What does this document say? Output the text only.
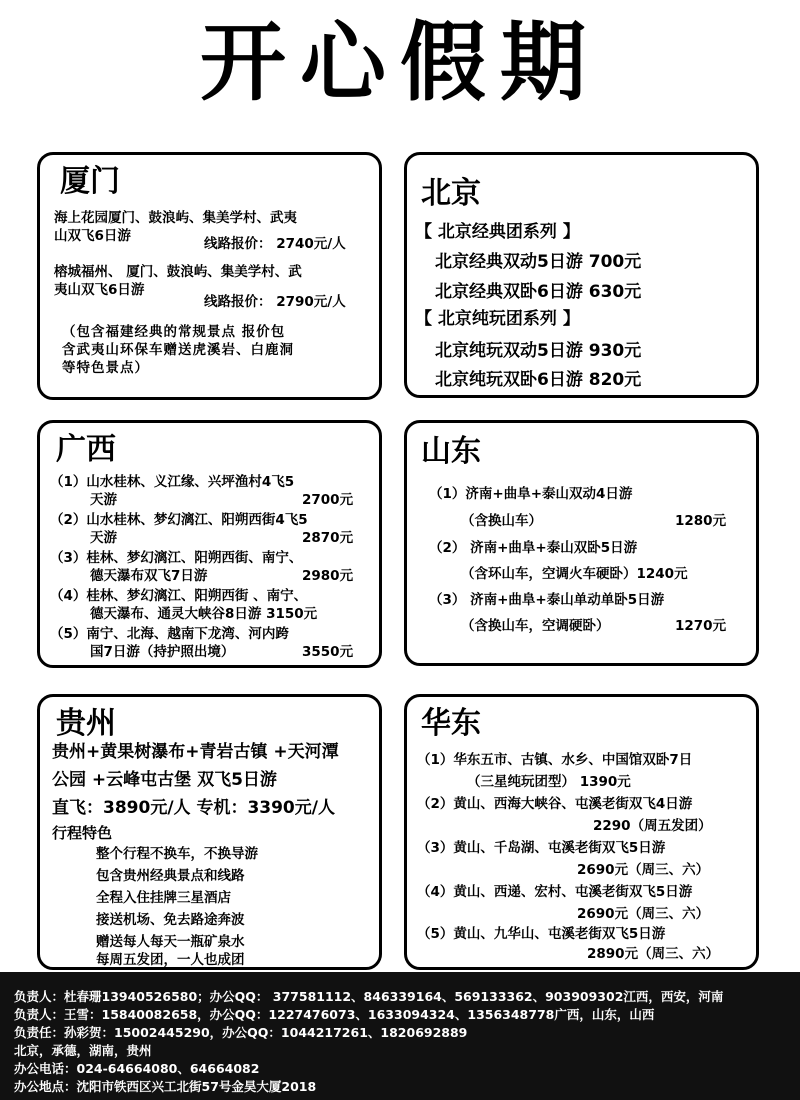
开心假期
厦门
海上花园厦门、鼓浪屿、集美学村、武夷
山双飞6日游	线路报价： 2740元/人
榕城福州、 厦门、鼓浪屿、集美学村、武
夷山双飞6日游
线路报价： 2790元/人
（包含福建经典的常规景点 报价包
含武夷山环保车赠送虎溪岩、白鹿洞
等特色景点）
北京
【 北京经典团系列 】
北京经典双动5日游 700元
北京经典双卧6日游 630元
【 北京纯玩团系列 】
北京纯玩双动5日游 930元
北京纯玩双卧6日游 820元
广西
（1）山水桂林、义江缘、兴坪渔村4飞5
天游	2700元
（2）山水桂林、梦幻漓江、阳朔西街4飞5
天游	2870元
（3）桂林、梦幻漓江、阳朔西街、南宁、
德天瀑布双飞7日游	2980元
（4）桂林、梦幻漓江、阳朔西街 、南宁、
德天瀑布、通灵大峡谷8日游 3150元
（5）南宁、北海、越南下龙湾、河内跨
国7日游（持护照出境）	3550元
山东
（1）济南+曲阜+泰山双动4日游
（含换山车）	1280元
（2） 济南+曲阜+泰山双卧5日游
（含环山车，空调火车硬卧）1240元
（3） 济南+曲阜+泰山单动单卧5日游
（含换山车，空调硬卧）	1270元
贵州
贵州+黄果树瀑布+青岩古镇 +天河潭
公园 +云峰屯古堡 双飞5日游
直飞：3890元/人 专机：3390元/人
行程特色
整个行程不换车，不换导游
包含贵州经典景点和线路
全程入住挂牌三星酒店
接送机场、免去路途奔波
赠送每人每天一瓶矿泉水
每周五发团，一人也成团
华东
（1）华东五市、古镇、水乡、中国馆双卧7日
（三星纯玩团型） 1390元
（2）黄山、西海大峡谷、屯溪老街双飞4日游
2290（周五发团）
（3）黄山、千岛湖、屯溪老街双飞5日游
2690元（周三、六）
（4）黄山、西递、宏村、屯溪老街双飞5日游
2690元（周三、六）
（5）黄山、九华山、屯溪老街双飞5日游
2890元（周三、六）
负责人：杜春珊13940526580；办公QQ： 377581112、846339164、569133362、903909302江西，西安，河南
负责人：王雪：15840082658，办公QQ：1227476073、1633094324、1356348778广西，山东，山西
负责任：孙彩贺：15002445290，办公QQ：1044217261、1820692889
北京，承德，湖南，贵州
办公电话：024-64664080、64664082
办公地点：沈阳市铁西区兴工北街57号金昊大厦2018
